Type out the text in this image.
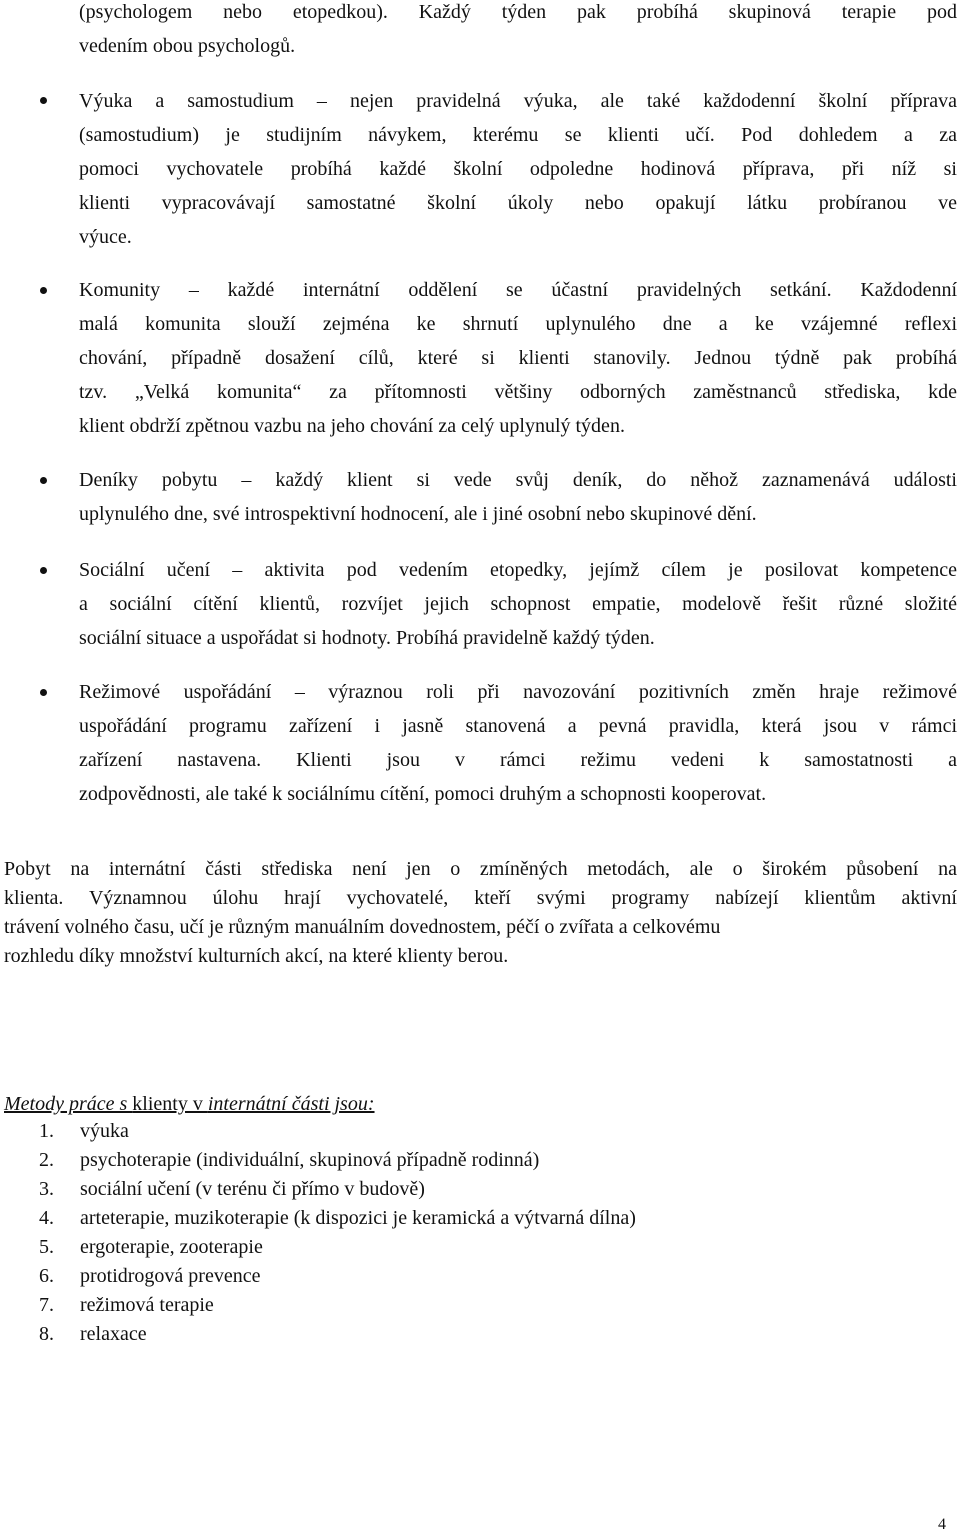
(psychologem nebo etopedkou). Každý týden pak probíhá skupinová terapie pod
vedením obou psychologů.
Výuka a samostudium – nejen pravidelná výuka, ale také každodenní školní příprava
(samostudium) je studijním návykem, kterému se klienti učí. Pod dohledem a za
pomoci vychovatele probíhá každé školní odpoledne hodinová příprava, při níž si
klienti vypracovávají samostatné školní úkoly nebo opakují látku probíranou ve
výuce.
Komunity – každé internátní oddělení se účastní pravidelných setkání. Každodenní
malá komunita slouží zejména ke shrnutí uplynulého dne a ke vzájemné reflexi
chování, případně dosažení cílů, které si klienti stanovily. Jednou týdně pak probíhá
tzv. „Velká komunita“ za přítomnosti většiny odborných zaměstnanců střediska, kde
klient obdrží zpětnou vazbu na jeho chování za celý uplynulý týden.
Deníky pobytu – každý klient si vede svůj deník, do něhož zaznamenává události
uplynulého dne, své introspektivní hodnocení, ale i jiné osobní nebo skupinové dění.
Sociální učení – aktivita pod vedením etopedky, jejímž cílem je posilovat kompetence
a sociální cítění klientů, rozvíjet jejich schopnost empatie, modelově řešit různé složité
sociální situace a uspořádat si hodnoty. Probíhá pravidelně každý týden.
Režimové uspořádání – výraznou roli při navozování pozitivních změn hraje režimové
uspořádání programu zařízení i jasně stanovená a pevná pravidla, která jsou v rámci
zařízení nastavena. Klienti jsou v rámci režimu vedeni k samostatnosti a
zodpovědnosti, ale také k sociálnímu cítění, pomoci druhým a schopnosti kooperovat.
Pobyt na internátní části střediska není jen o zmíněných metodách, ale o širokém působení na
klienta. Významnou úlohu hrají vychovatelé, kteří svými programy nabízejí klientům aktivní
trávení volného času, učí je různým manuálním dovednostem, péčí o zvířata a celkovému
rozhledu díky množství kulturních akcí, na které klienty berou.
Metody práce s klienty v internátní části jsou:
1.	výuka
2.	psychoterapie (individuální, skupinová případně rodinná)
3.	sociální učení (v terénu či přímo v budově)
4.	arteterapie, muzikoterapie (k dispozici je keramická a výtvarná dílna)
5.	ergoterapie, zooterapie
6.	protidrogová prevence
7.	režimová terapie
8.	relaxace
4
